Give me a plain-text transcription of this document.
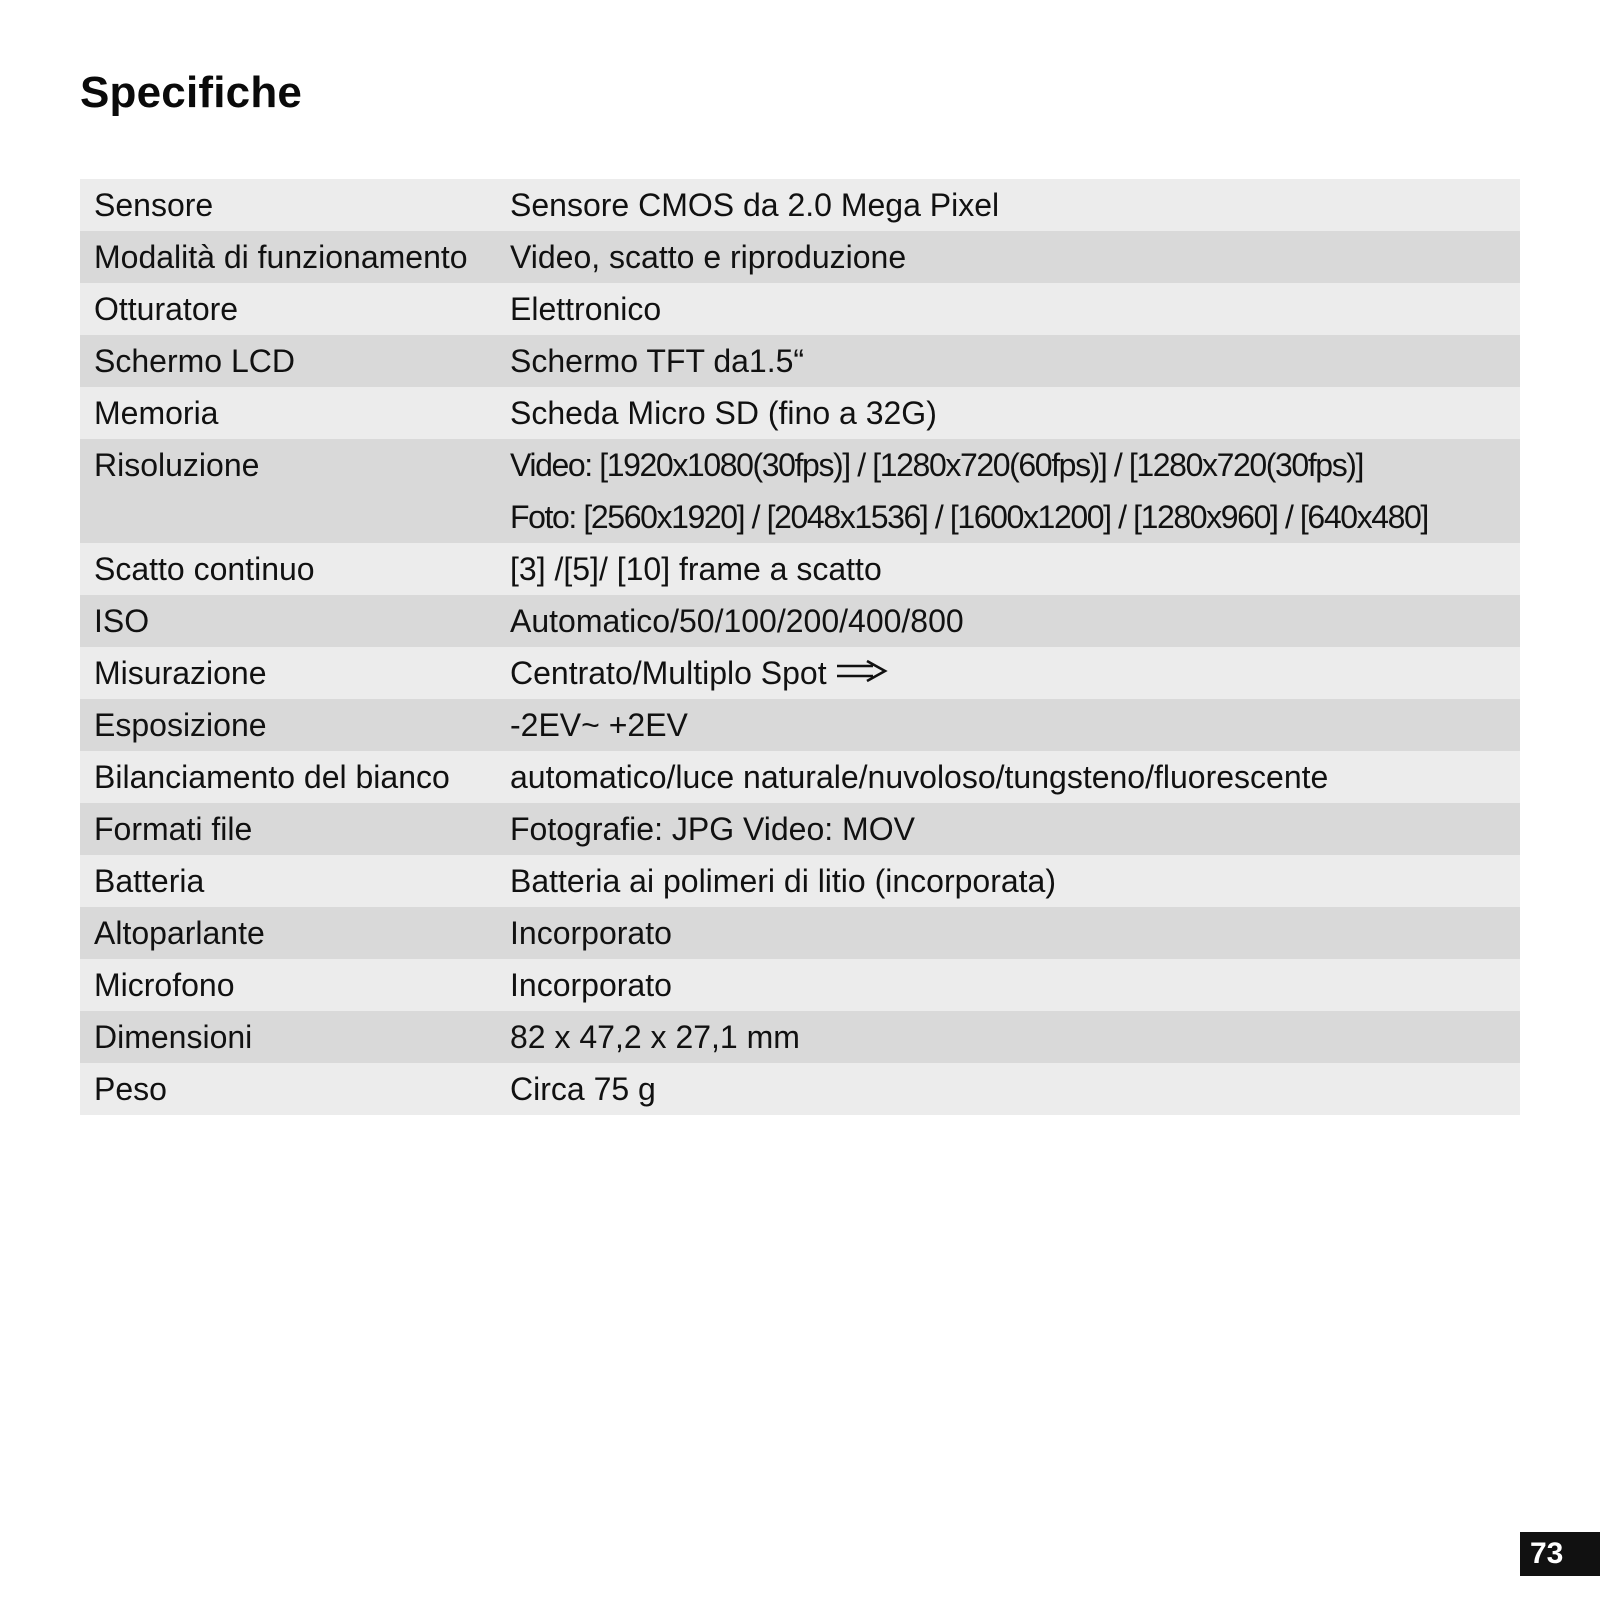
Specifiche
Sensore	Sensore CMOS da 2.0 Mega Pixel
Modalità di funzionamento	Video, scatto e riproduzione
Otturatore	Elettronico
Schermo LCD	Schermo TFT da1.5“
Memoria	Scheda Micro SD (fino a 32G)
Risoluzione	Video: [1920x1080(30fps)] / [1280x720(60fps)] / [1280x720(30fps)]
Foto: [2560x1920] / [2048x1536] / [1600x1200] / [1280x960] / [640x480]

Scatto continuo	[3] /[5]/ [10] frame a scatto
ISO	Automatico/50/100/200/400/800
Misurazione	Centrato/Multiplo Spot
Esposizione	-2EV~ +2EV
Bilanciamento del bianco	automatico/luce naturale/nuvoloso/tungsteno/fluorescente
Formati file	Fotografie: JPG Video: MOV
Batteria	Batteria ai polimeri di litio (incorporata)
Altoparlante	Incorporato
Microfono	Incorporato
Dimensioni	82 x 47,2 x 27,1 mm
Peso	Circa 75 g
73
